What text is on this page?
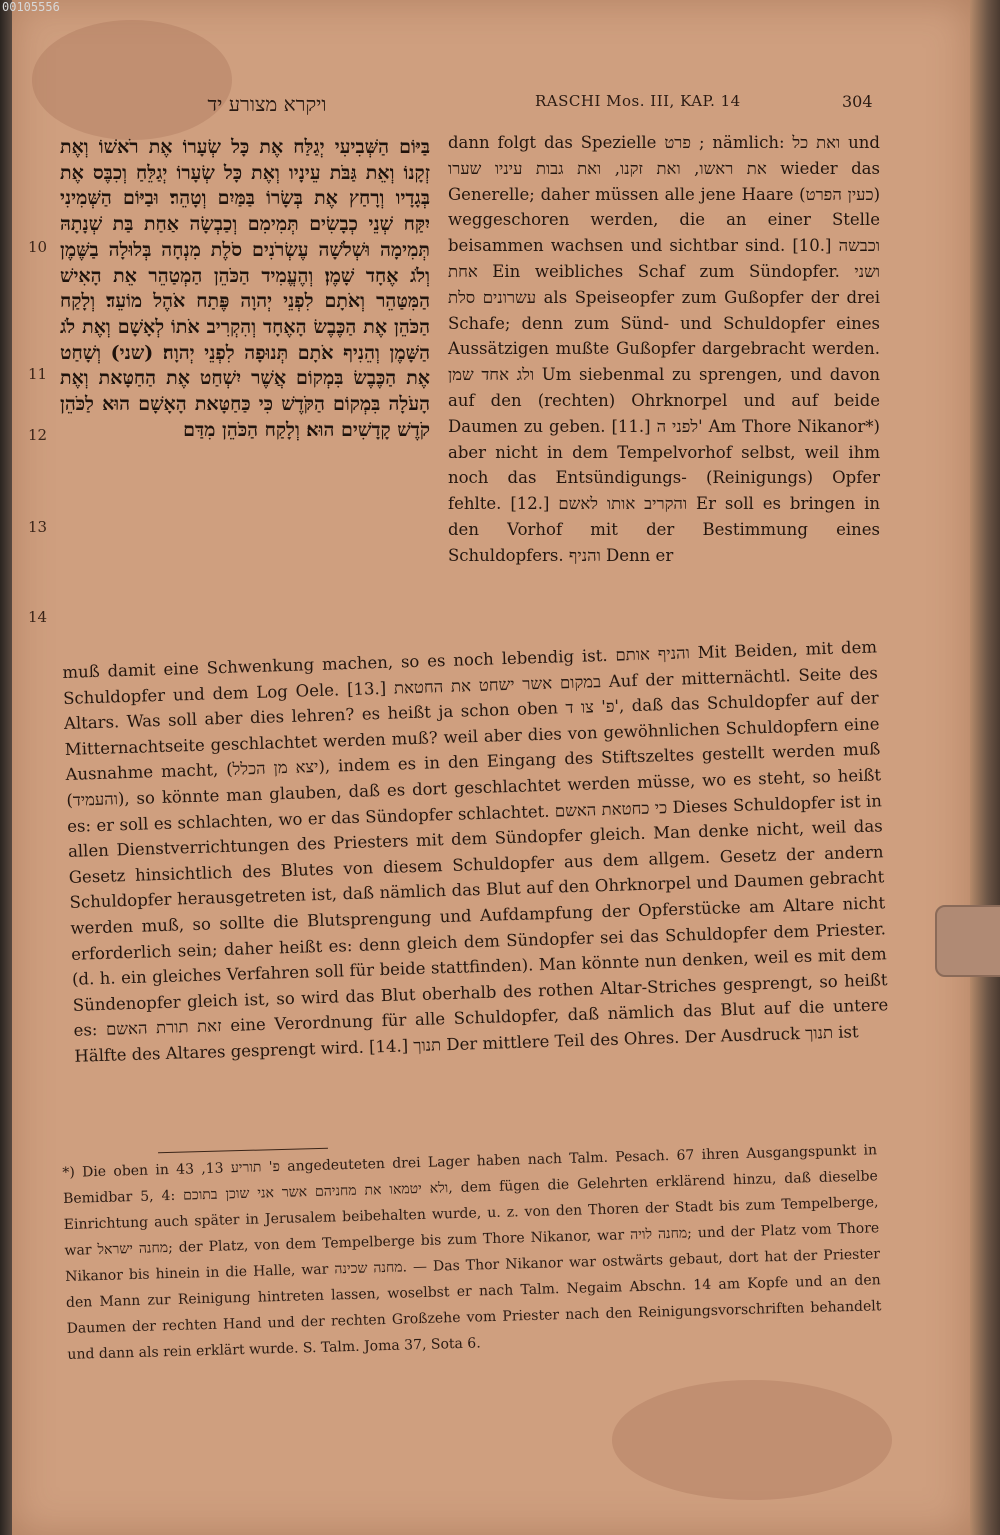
00105556
ויקרא מצורע יד	RASCHI Mos. III, KAP. 14	304
10
11
12
13
14
בַּיּוֹם הַשְּׁבִיעִי יְגַלַּח אֶת כָּל שְׂעָרוֹ אֶת רֹאשׁוֹ וְאֶת זְקָנוֹ וְאֵת גַּבֹּת עֵינָיו וְאֶת כָּל שְׂעָרוֹ יְגַלֵּחַ וְכִבֶּס אֶת בְּגָדָיו וְרָחַץ אֶת בְּשָׂרוֹ בַּמַּיִם וְטָהֵר׃ וּבַיּוֹם הַשְּׁמִינִי יִקַּח שְׁנֵי כְבָשִׂים תְּמִימִם וְכַבְשָׂה אַחַת בַּת שְׁנָתָהּ תְּמִימָה וּשְׁלֹשָׁה עֶשְׂרֹנִים סֹלֶת מִנְחָה בְּלוּלָה בַשֶּׁמֶן וְלֹג אֶחָד שָׁמֶן׃ וְהֶעֱמִיד הַכֹּהֵן הַמְטַהֵר אֵת הָאִישׁ הַמִּטַּהֵר וְאֹתָם לִפְנֵי יְהוָה פֶּתַח אֹהֶל מוֹעֵד׃ וְלָקַח הַכֹּהֵן אֶת הַכֶּבֶשׂ הָאֶחָד וְהִקְרִיב אֹתוֹ לְאָשָׁם וְאֶת לֹג הַשָּׁמֶן וְהֵנִיף אֹתָם תְּנוּפָה לִפְנֵי יְהוָה׃ (שני) וְשָׁחַט אֶת הַכֶּבֶשׂ בִּמְקוֹם אֲשֶׁר יִשְׁחַט אֶת הַחַטָּאת וְאֶת הָעֹלָה בִּמְקוֹם הַקֹּדֶשׁ כִּי כַּחַטָּאת הָאָשָׁם הוּא לַכֹּהֵן קֹדֶשׁ קָדָשִׁים הוּא׃ וְלָקַח הַכֹּהֵן מִדַּם
dann folgt das Spezielle פרט ; nämlich: ואת כל und את ראשו, ואת זקנו, ואת גבות עיניו שערו wieder das Generelle; daher müssen alle jene Haare (כעין הפרט) weggeschoren werden, die an einer Stelle beisammen wachsen und sichtbar sind. [10.] וכבשה אחת Ein weibliches Schaf zum Sündopfer. ושני עשרונים סלת als Speiseopfer zum Gußopfer der drei Schafe; denn zum Sünd- und Schuldopfer eines Aussätzigen mußte Gußopfer dargebracht werden. ולג אחד שמן Um siebenmal zu sprengen, und davon auf den (rechten) Ohrknorpel und auf beide Daumen zu geben. [11.] לפני ה' Am Thore Nikanor*) aber nicht in dem Tempelvorhof selbst, weil ihm noch das Entsündigungs- (Reinigungs) Opfer fehlte. [12.] והקריב אותו לאשם Er soll es bringen in den Vorhof mit der Bestimmung eines Schuldopfers. והניף Denn er
muß damit eine Schwenkung machen, so es noch lebendig ist. והניף אותם Mit Beiden, mit dem Schuldopfer und dem Log Oele. [13.] במקום אשר ישחט את החטאת Auf der mitternächtl. Seite des Altars. Was soll aber dies lehren? es heißt ja schon oben פ' צו ד', daß das Schuldopfer auf der Mitternachtseite geschlachtet werden muß? weil aber dies von gewöhnlichen Schuldopfern eine Ausnahme macht, (יצא מן הכלל), indem es in den Eingang des Stiftszeltes gestellt werden muß (והעמיד), so könnte man glauben, daß es dort geschlachtet werden müsse, wo es steht, so heißt es: er soll es schlachten, wo er das Sündopfer schlachtet. כי כחטאת האשם Dieses Schuldopfer ist in allen Dienstverrichtungen des Priesters mit dem Sündopfer gleich. Man denke nicht, weil das Gesetz hinsichtlich des Blutes von diesem Schuldopfer aus dem allgem. Gesetz der andern Schuldopfer herausgetreten ist, daß nämlich das Blut auf den Ohrknorpel und Daumen gebracht werden muß, so sollte die Blutsprengung und Aufdampfung der Opferstücke am Altare nicht erforderlich sein; daher heißt es: denn gleich dem Sündopfer sei das Schuldopfer dem Priester. (d. h. ein gleiches Verfahren soll für beide stattfinden). Man könnte nun denken, weil es mit dem Sündenopfer gleich ist, so wird das Blut oberhalb des rothen Altar-Striches gesprengt, so heißt es: זאת תורת האשם eine Verordnung für alle Schuldopfer, daß nämlich das Blut auf die untere Hälfte des Altares gesprengt wird. [14.] תנוך Der mittlere Teil des Ohres. Der Ausdruck תנוך ist
*) Die oben in פ' תוריע 13, 43 angedeuteten drei Lager haben nach Talm. Pesach. 67 ihren Ausgangspunkt in Bemidbar 5, 4: ולא יטמאו את מחניהם אשר אני שוכן בתוכם, dem fügen die Gelehrten erklärend hinzu, daß dieselbe Einrichtung auch später in Jerusalem beibehalten wurde, u. z. von den Thoren der Stadt bis zum Tempelberge, war מחנה ישראל; der Platz, von dem Tempelberge bis zum Thore Nikanor, war מחנה לויה; und der Platz vom Thore Nikanor bis hinein in die Halle, war מחנה שכינה. — Das Thor Nikanor war ostwärts gebaut, dort hat der Priester den Mann zur Reinigung hintreten lassen, woselbst er nach Talm. Negaim Abschn. 14 am Kopfe und an den Daumen der rechten Hand und der rechten Großzehe vom Priester nach den Reinigungsvorschriften behandelt und dann als rein erklärt wurde. S. Talm. Joma 37, Sota 6.
